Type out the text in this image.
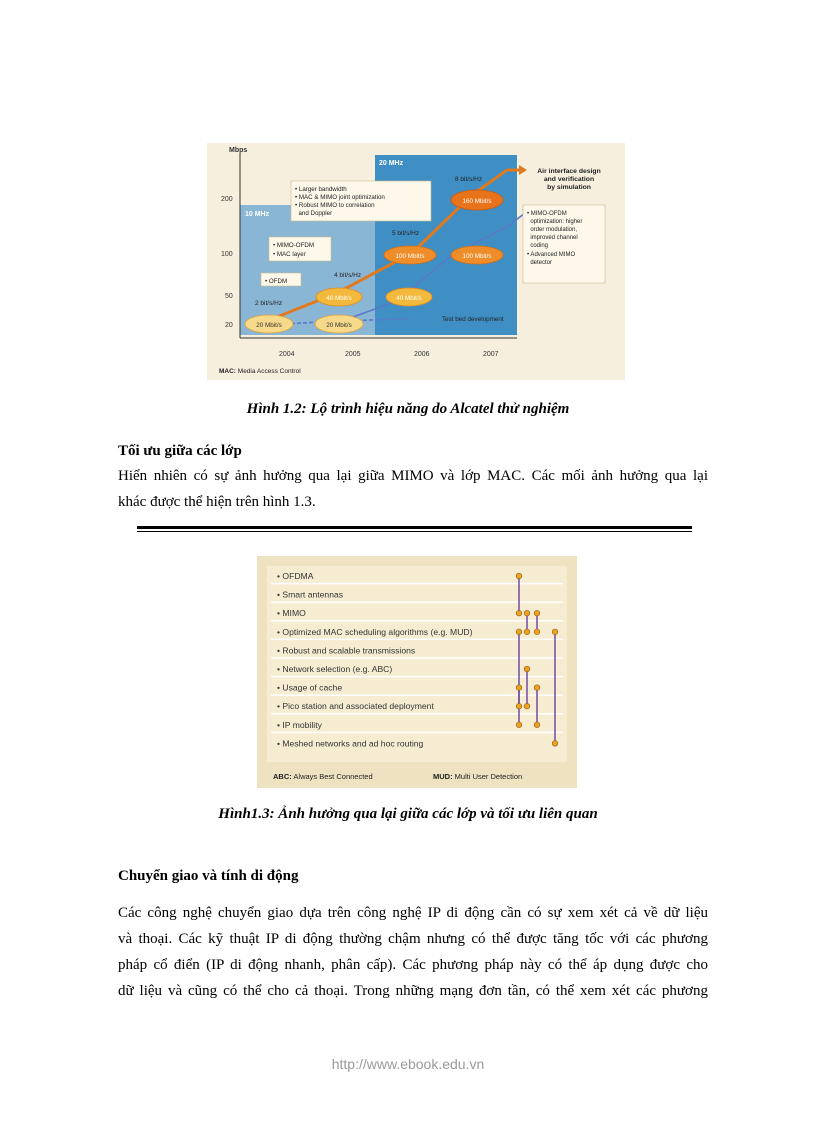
Mbps
200
100
50
20
2004	2005	2006	2007
10 MHz
20 MHz
• Larger bandwidth
• MAC & MIMO joint optimization
• Robust MIMO to correlation
and Doppler
• MIMO-OFDM
• MAC layer
• OFDM
2 bit/s/Hz
4 bit/s/Hz
5 bit/s/Hz
8 bit/s/Hz
20 Mbit/s	20 Mbit/s
40 Mbit/s	40 Mbit/s
100 Mbit/s	100 Mbit/s
160 Mbit/s
Test bed development
Air interface design
and verification
by simulation
• MIMO-OFDM
optimization: higher
order modulation,
improved channel
coding
• Advanced MIMO
detector
MAC: Media Access Control
Hình 1.2: Lộ trình hiệu năng do Alcatel thử nghiệm
Tối ưu giữa các lớp
Hiển nhiên có sự ảnh hưởng qua lại giữa MIMO và lớp MAC. Các mối ảnh hưởng qua lại
khác được thể hiện trên hình 1.3.
• OFDMA
• Smart antennas
• MIMO
• Optimized MAC scheduling algorithms (e.g. MUD)
• Robust and scalable transmissions
• Network selection (e.g. ABC)
• Usage of cache
• Pico station and associated deployment
• IP mobility
• Meshed networks and ad hoc routing
ABC: Always Best Connected	MUD: Multi User Detection
Hình1.3: Ảnh hưởng qua lại giữa các lớp và tối ưu liên quan
Chuyển giao và tính di động
Các công nghệ chuyển giao dựa trên công nghệ IP di động cần có sự xem xét cả về dữ liệu
và thoại. Các kỹ thuật IP di động thường chậm nhưng có thể được tăng tốc với các phương
pháp cổ điển (IP di động nhanh, phân cấp). Các phương pháp này có thể áp dụng được cho
dữ liệu và cũng có thể cho cả thoại. Trong những mạng đơn tần, có thể xem xét các phương
http://www.ebook.edu.vn
